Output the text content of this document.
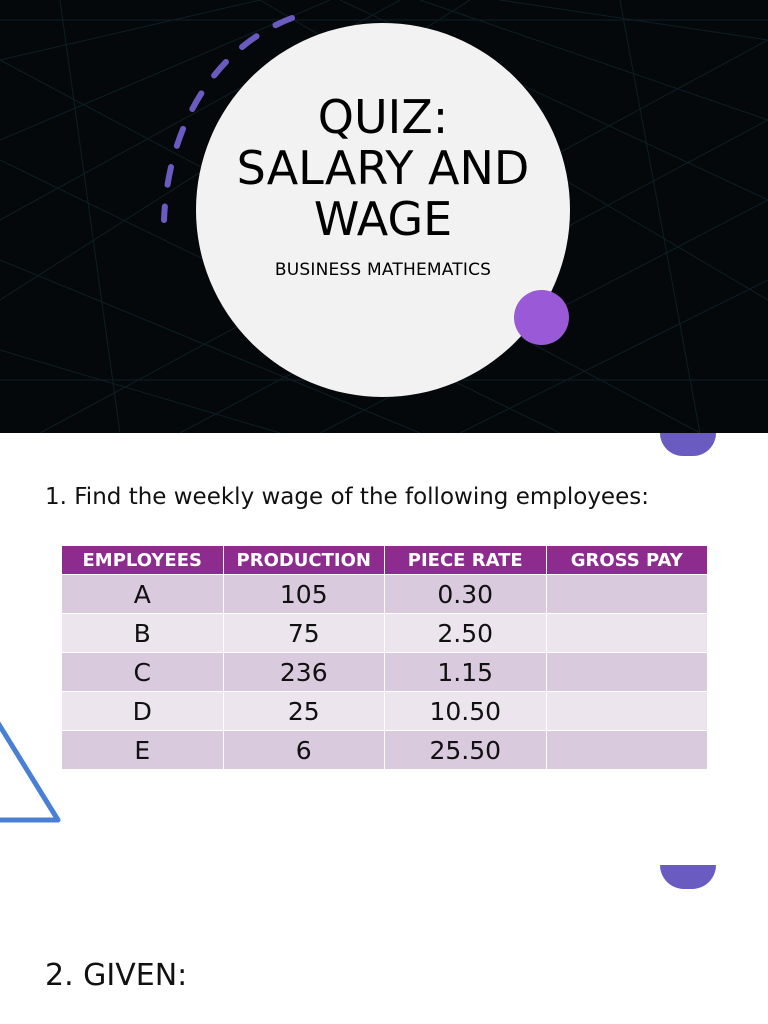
QUIZ:
SALARY AND
WAGE
BUSINESS MATHEMATICS
1. Find the weekly wage of the following employees:
EMPLOYEES	PRODUCTION	PIECE RATE	GROSS PAY
A	105	0.30	
B	75	2.50	
C	236	1.15	
D	25	10.50	
E	6	25.50	
2. GIVEN:
